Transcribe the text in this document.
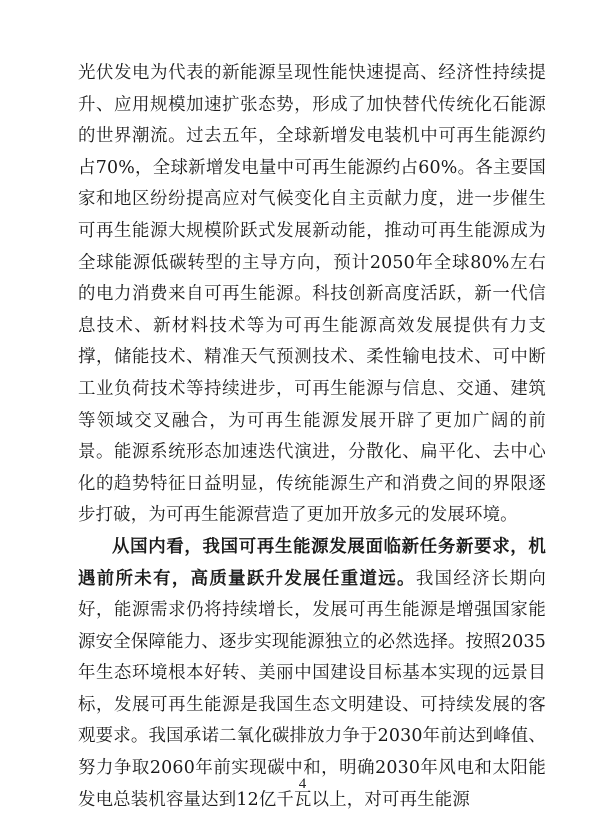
光伏发电为代表的新能源呈现性能快速提高、经济性持续提升、应用规模加速扩张态势，形成了加快替代传统化石能源的世界潮流。过去五年，全球新增发电装机中可再生能源约占70%，全球新增发电量中可再生能源约占60%。各主要国家和地区纷纷提高应对气候变化自主贡献力度，进一步催生可再生能源大规模阶跃式发展新动能，推动可再生能源成为全球能源低碳转型的主导方向，预计2050年全球80%左右的电力消费来自可再生能源。科技创新高度活跃，新一代信息技术、新材料技术等为可再生能源高效发展提供有力支撑，储能技术、精准天气预测技术、柔性输电技术、可中断工业负荷技术等持续进步，可再生能源与信息、交通、建筑等领域交叉融合，为可再生能源发展开辟了更加广阔的前景。能源系统形态加速迭代演进，分散化、扁平化、去中心化的趋势特征日益明显，传统能源生产和消费之间的界限逐步打破，为可再生能源营造了更加开放多元的发展环境。

从国内看，我国可再生能源发展面临新任务新要求，机遇前所未有，高质量跃升发展任重道远。我国经济长期向好，能源需求仍将持续增长，发展可再生能源是增强国家能源安全保障能力、逐步实现能源独立的必然选择。按照2035年生态环境根本好转、美丽中国建设目标基本实现的远景目标，发展可再生能源是我国生态文明建设、可持续发展的客观要求。我国承诺二氧化碳排放力争于2030年前达到峰值、努力争取2060年前实现碳中和，明确2030年风电和太阳能发电总装机容量达到12亿千瓦以上，对可再生能源

4
